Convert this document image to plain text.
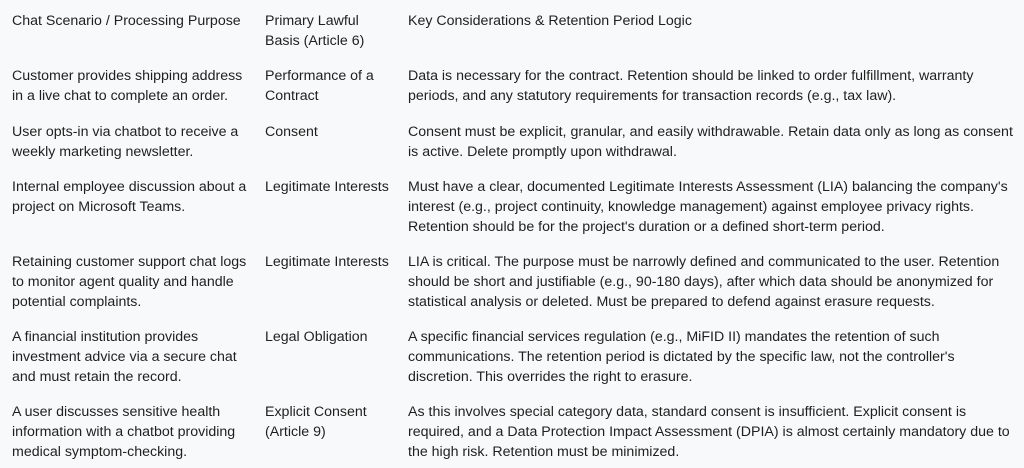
Chat Scenario / Processing Purpose	Primary Lawful Basis (Article 6)	Key Considerations & Retention Period Logic
Customer provides shipping address in a live chat to complete an order.	Performance of a Contract	Data is necessary for the contract. Retention should be linked to order fulfillment, warranty periods, and any statutory requirements for transaction records (e.g., tax law).
User opts-in via chatbot to receive a weekly marketing newsletter.	Consent	Consent must be explicit, granular, and easily withdrawable. Retain data only as long as consent is active. Delete promptly upon withdrawal.
Internal employee discussion about a project on Microsoft Teams.	Legitimate Interests	Must have a clear, documented Legitimate Interests Assessment (LIA) balancing the company's interest (e.g., project continuity, knowledge management) against employee privacy rights. Retention should be for the project's duration or a defined short-term period.
Retaining customer support chat logs to monitor agent quality and handle potential complaints.	Legitimate Interests	LIA is critical. The purpose must be narrowly defined and communicated to the user. Retention should be short and justifiable (e.g., 90-180 days), after which data should be anonymized for statistical analysis or deleted. Must be prepared to defend against erasure requests.
A financial institution provides investment advice via a secure chat and must retain the record.	Legal Obligation	A specific financial services regulation (e.g., MiFID II) mandates the retention of such communications. The retention period is dictated by the specific law, not the controller's discretion. This overrides the right to erasure.
A user discusses sensitive health information with a chatbot providing medical symptom-checking.	Explicit Consent (Article 9)	As this involves special category data, standard consent is insufficient. Explicit consent is required, and a Data Protection Impact Assessment (DPIA) is almost certainly mandatory due to the high risk. Retention must be minimized.
